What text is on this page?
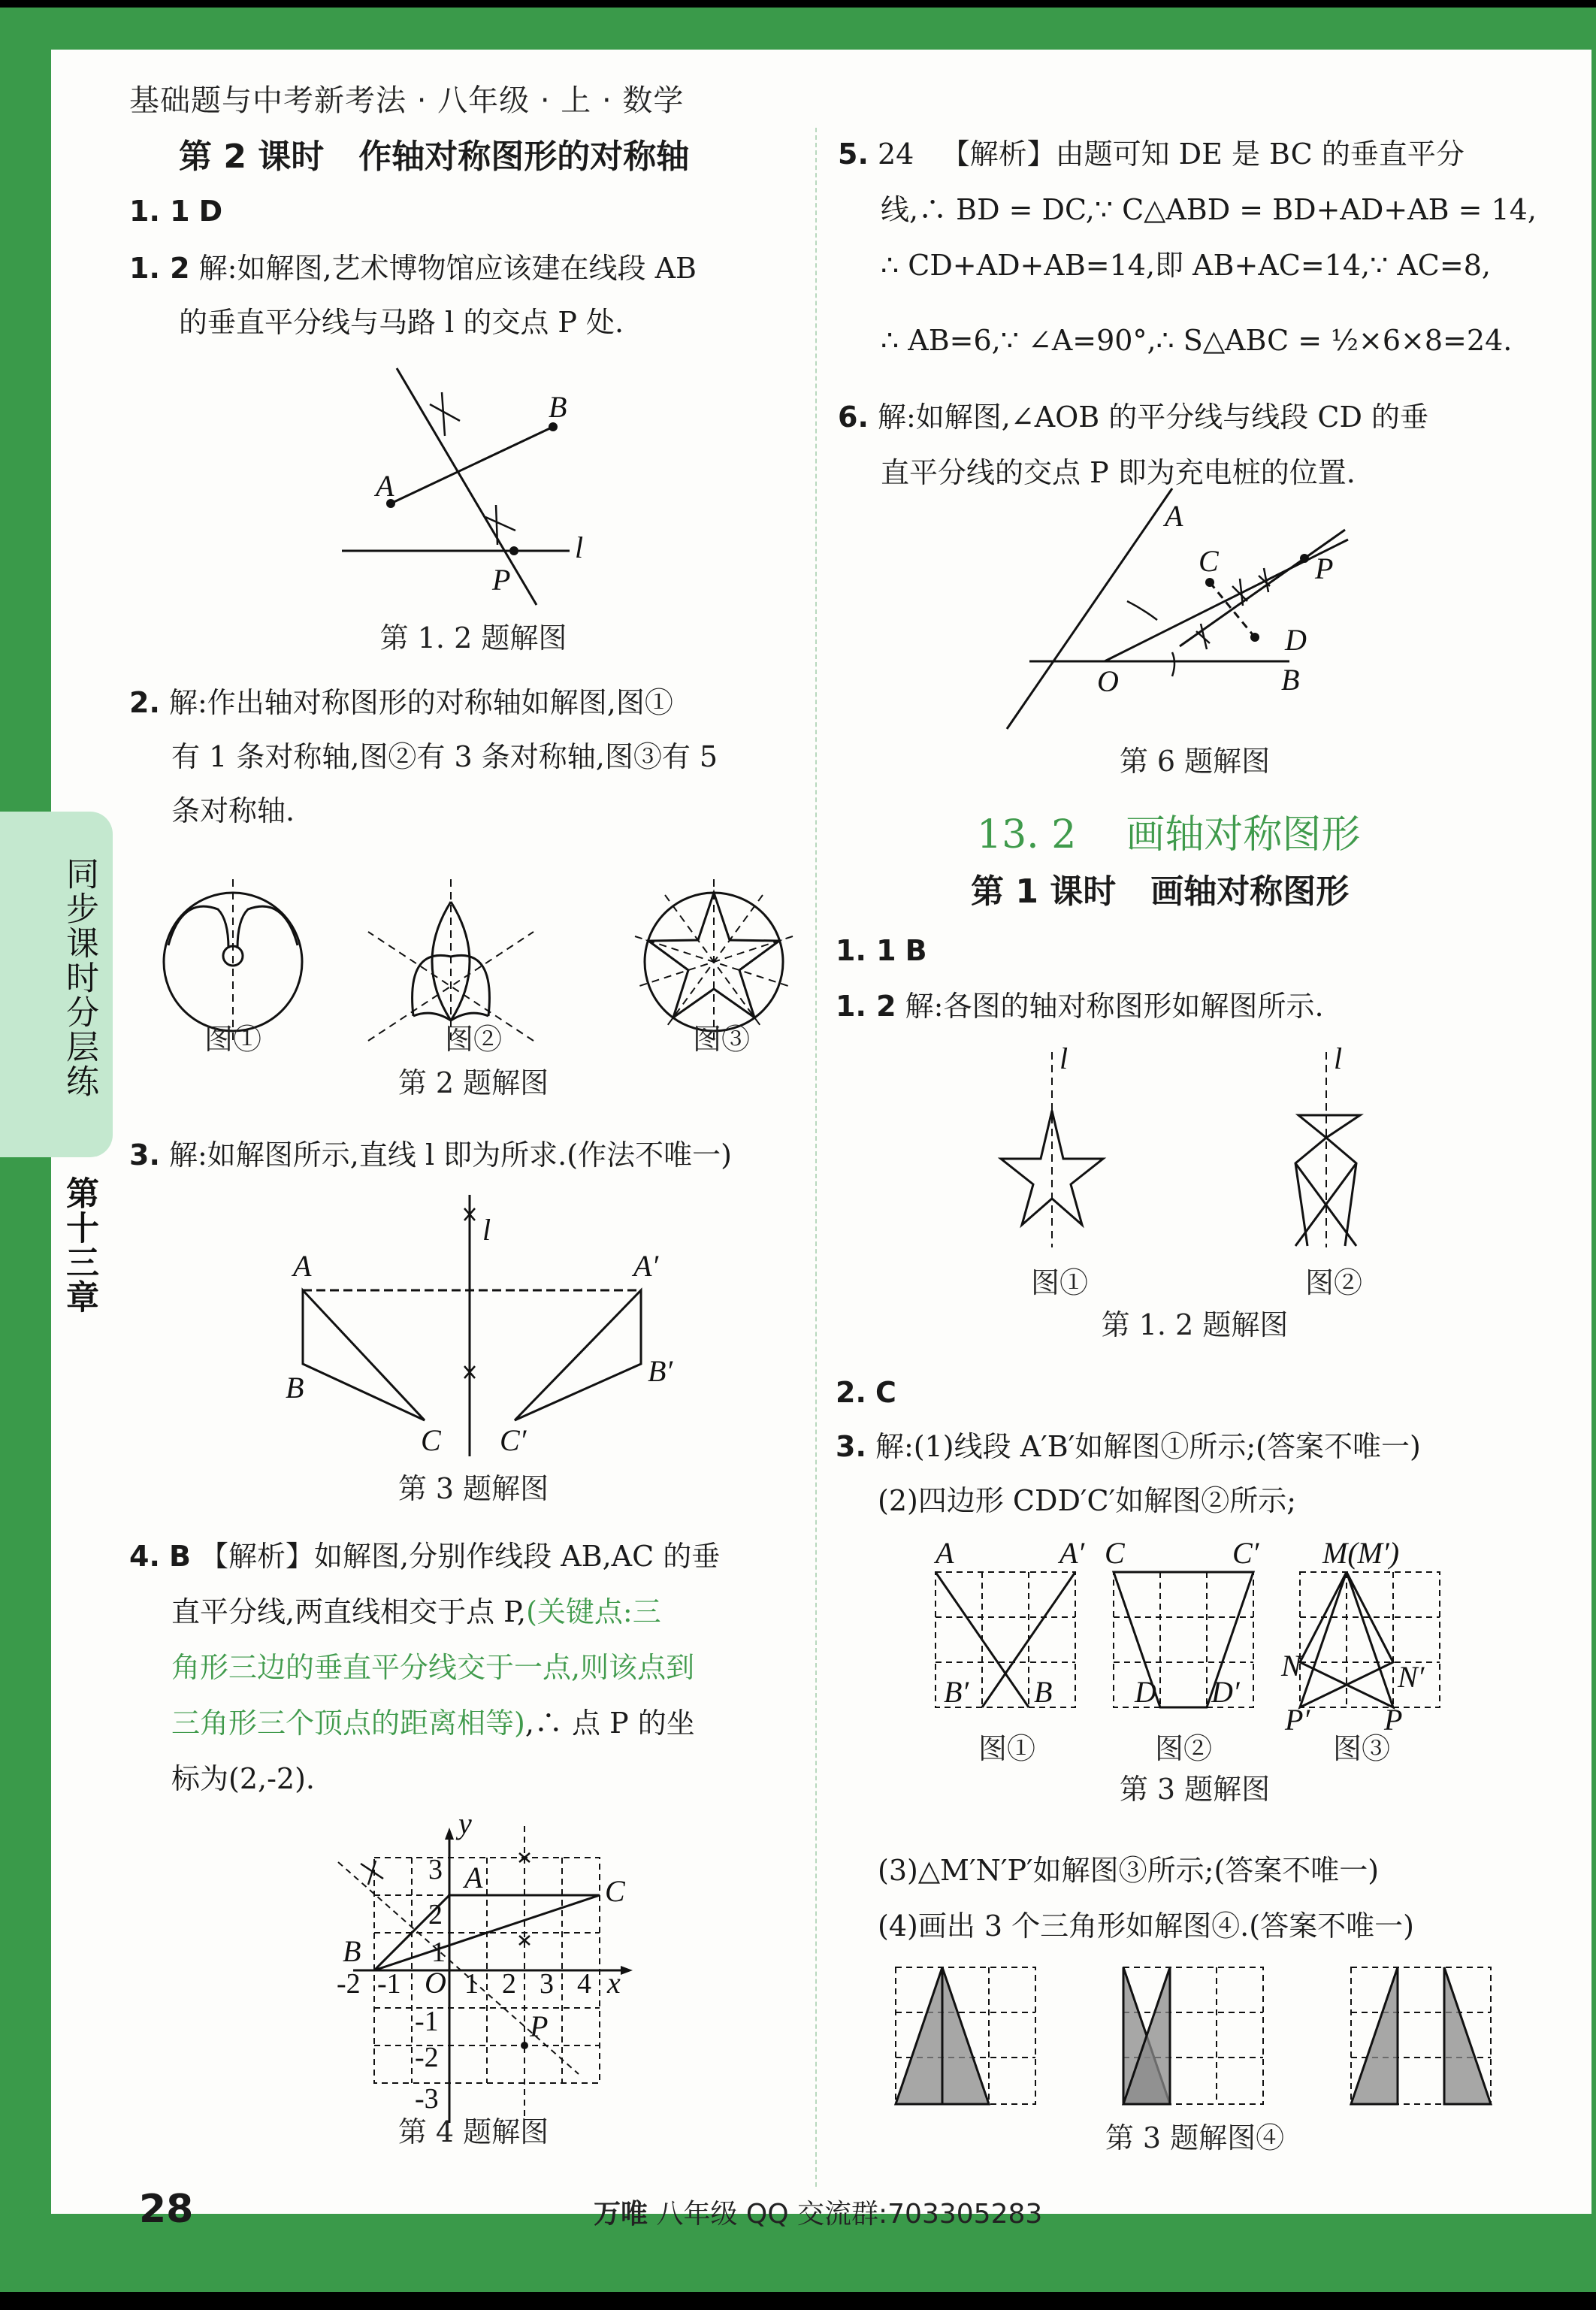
同步课时分层练
第十三章
基础题与中考新考法 · 八年级 · 上 · 数学
第 2 课时   作轴对称图形的对称轴
1. 1 D
1. 2 解:如解图,艺术博物馆应该建在线段 AB
的垂直平分线与马路 l 的交点 P 处.
A
B
P
l
第 1. 2 题解图
2. 解:作出轴对称图形的对称轴如解图,图①
有 1 条对称轴,图②有 3 条对称轴,图③有 5
条对称轴.
图①	图②	图③
第 2 题解图
3. 解:如解图所示,直线 l 即为所求.(作法不唯一)
l
A
B
C
A′
B′
C′
第 3 题解图
4. B 【解析】如解图,分别作线段 AB,AC 的垂
直平分线,两直线相交于点 P,(关键点:三
角形三边的垂直平分线交于一点,则该点到
三角形三个顶点的距离相等),∴ 点 P 的坐
标为(2,-2).
A	C
B
P
O	x
y
-2 -1 1 2 3 4
3
2
1
-1
-2
-3
第 4 题解图
5. 24 【解析】由题可知 DE 是 BC 的垂直平分
线,∴ BD = DC,∵ C△ABD = BD+AD+AB = 14,
∴ CD+AD+AB=14,即 AB+AC=14,∵ AC=8,
∴ AB=6,∵ ∠A=90°,∴ S△ABC = ½×6×8=24.
6. 解:如解图,∠AOB 的平分线与线段 CD 的垂
直平分线的交点 P 即为充电桩的位置.
A
C
D
O	B
P
第 6 题解图
13. 2    画轴对称图形
第 1 课时   画轴对称图形
1. 1 B
1. 2 解:各图的轴对称图形如解图所示.
l	l
图①	图②
第 1. 2 题解图
2. C
3. 解:(1)线段 A′B′如解图①所示;(答案不唯一)
(2)四边形 CDD′C′如解图②所示;
A	A′
B′ B
C	C′
D D′
M(M′)
N	N′
P′ P
图①	图②	图③
第 3 题解图
(3)△M′N′P′如解图③所示;(答案不唯一)
(4)画出 3 个三角形如解图④.(答案不唯一)
第 3 题解图④
28	万唯 八年级 QQ 交流群:703305283
